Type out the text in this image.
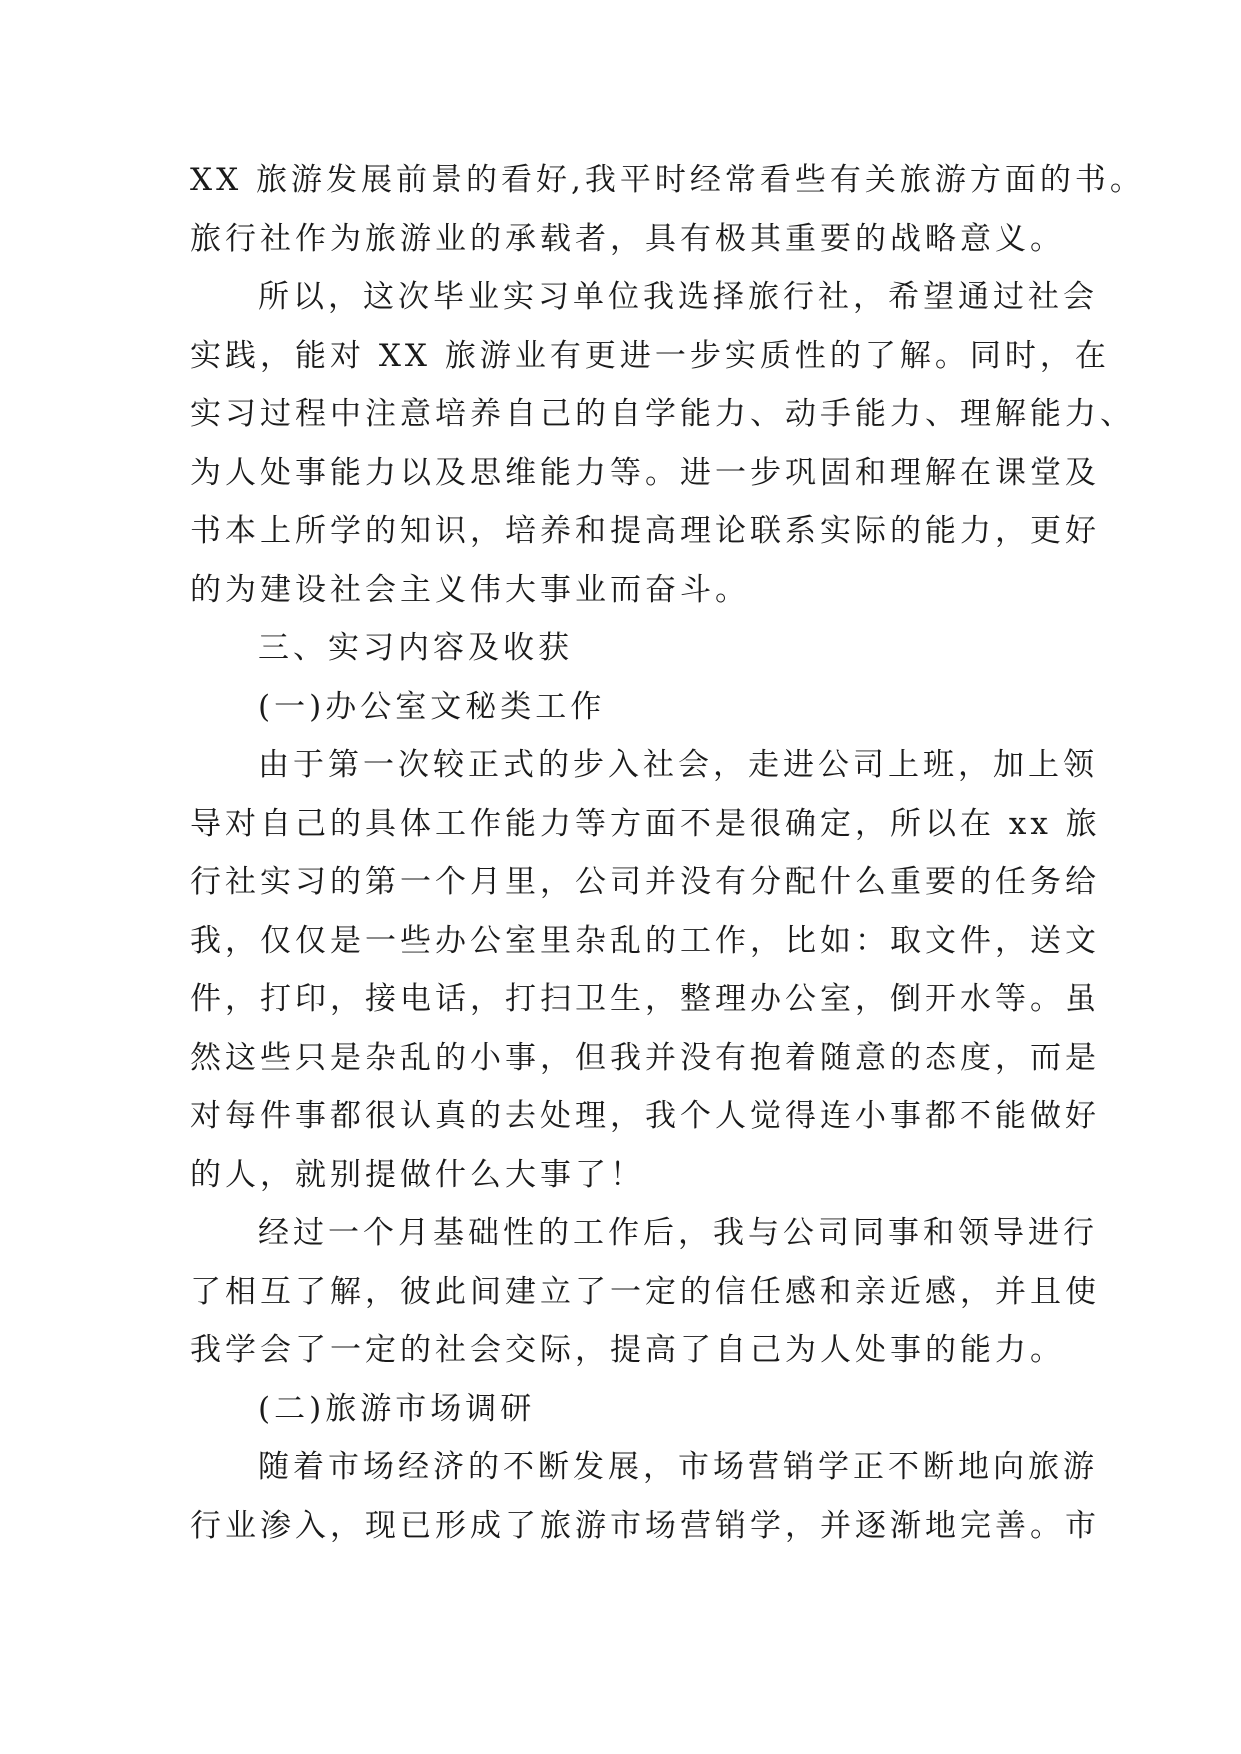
XX 旅游发展前景的看好,我平时经常看些有关旅游方面的书。
旅行社作为旅游业的承载者，具有极其重要的战略意义。
所以，这次毕业实习单位我选择旅行社，希望通过社会
实践，能对 XX 旅游业有更进一步实质性的了解。同时，在
实习过程中注意培养自己的自学能力、动手能力、理解能力、
为人处事能力以及思维能力等。进一步巩固和理解在课堂及
书本上所学的知识，培养和提高理论联系实际的能力，更好
的为建设社会主义伟大事业而奋斗。
三、实习内容及收获
(一)办公室文秘类工作
由于第一次较正式的步入社会，走进公司上班，加上领
导对自己的具体工作能力等方面不是很确定，所以在 xx 旅
行社实习的第一个月里，公司并没有分配什么重要的任务给
我，仅仅是一些办公室里杂乱的工作，比如：取文件，送文
件，打印，接电话，打扫卫生，整理办公室，倒开水等。虽
然这些只是杂乱的小事，但我并没有抱着随意的态度，而是
对每件事都很认真的去处理，我个人觉得连小事都不能做好
的人，就别提做什么大事了！
经过一个月基础性的工作后，我与公司同事和领导进行
了相互了解，彼此间建立了一定的信任感和亲近感，并且使
我学会了一定的社会交际，提高了自己为人处事的能力。
(二)旅游市场调研
随着市场经济的不断发展，市场营销学正不断地向旅游
行业渗入，现已形成了旅游市场营销学，并逐渐地完善。市
